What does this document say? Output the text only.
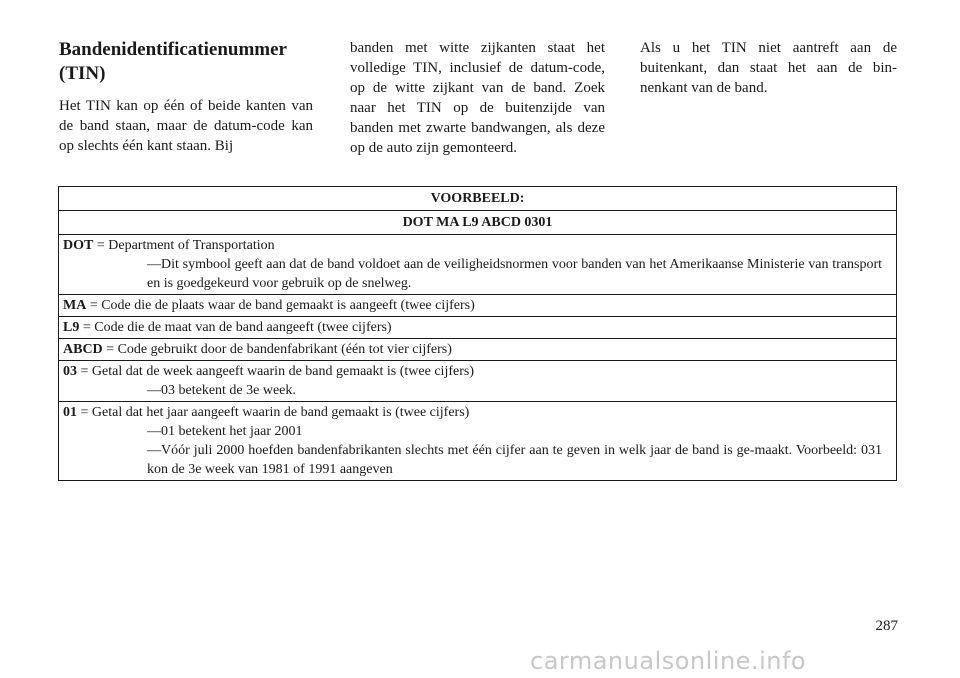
Bandenidentificatienummer
(TIN)

Het TIN kan op één of beide kanten van de band staan, maar de datum-code kan op slechts één kant staan. Bij

banden met witte zijkanten staat het volledige TIN, inclusief de datum-code, op de witte zijkant van de band. Zoek naar het TIN op de buitenzijde van banden met zwarte bandwangen, als deze op de auto zijn gemonteerd.

Als u het TIN niet aantreft aan de buitenkant, dan staat het aan de bin-nenkant van de band.

VOORBEELD:
DOT MA L9 ABCD 0301

DOT = Department of Transportation
—Dit symbool geeft aan dat de band voldoet aan de veiligheidsnormen voor banden van het Amerikaanse Ministerie van transport en is goedgekeurd voor gebruik op de snelweg.

MA = Code die de plaats waar de band gemaakt is aangeeft (twee cijfers)

L9 = Code die de maat van de band aangeeft (twee cijfers)

ABCD = Code gebruikt door de bandenfabrikant (één tot vier cijfers)

03 = Getal dat de week aangeeft waarin de band gemaakt is (twee cijfers)
—03 betekent de 3e week.

01 = Getal dat het jaar aangeeft waarin de band gemaakt is (twee cijfers)
—01 betekent het jaar 2001
—Vóór juli 2000 hoefden bandenfabrikanten slechts met één cijfer aan te geven in welk jaar de band is ge-maakt. Voorbeeld: 031 kon de 3e week van 1981 of 1991 aangeven
287
carmanualsonline.info
